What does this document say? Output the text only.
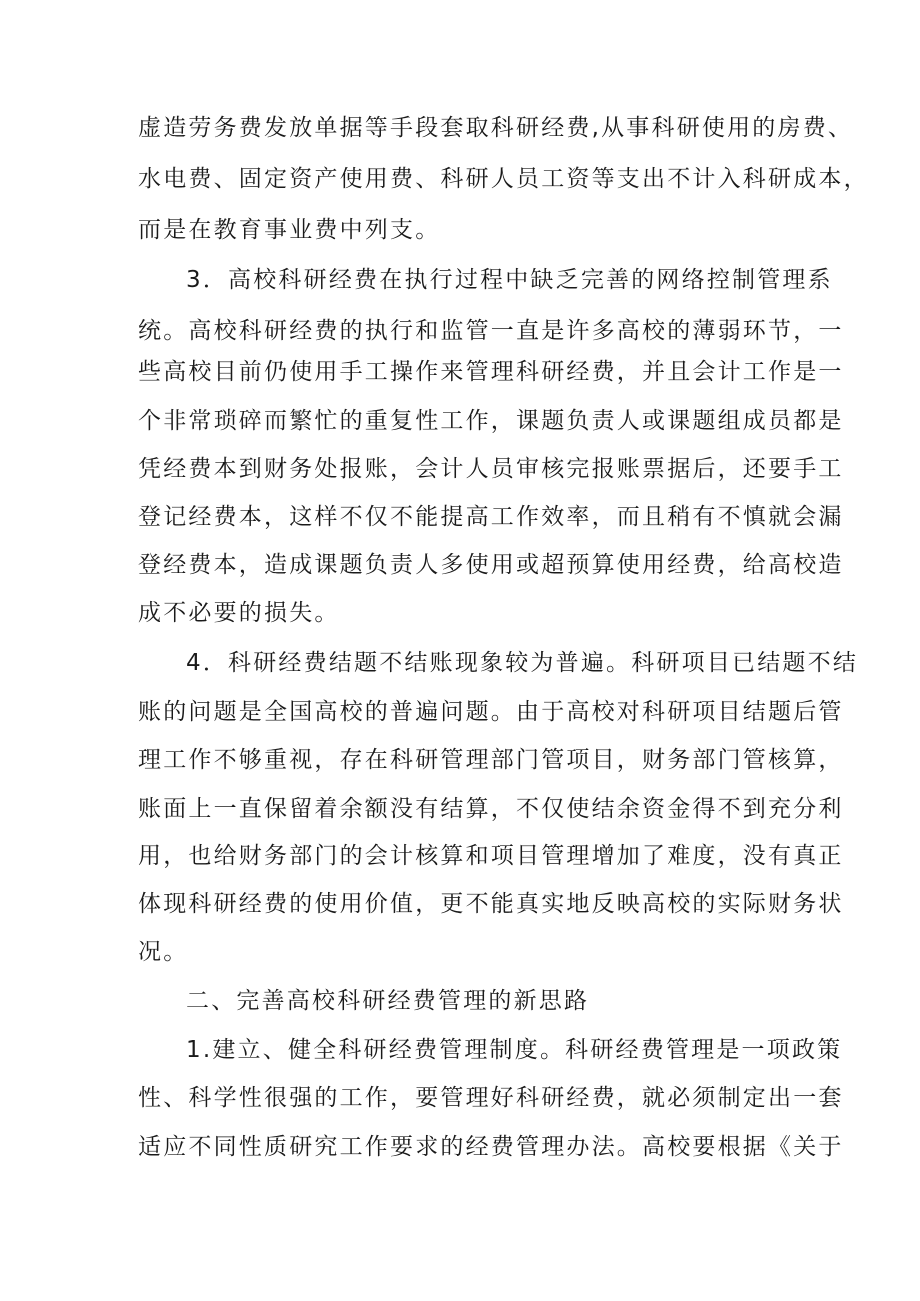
虚造劳务费发放单据等手段套取科研经费,从事科研使用的房费、
水电费、固定资产使用费、科研人员工资等支出不计入科研成本，
而是在教育事业费中列支。
3．高校科研经费在执行过程中缺乏完善的网络控制管理系
统。高校科研经费的执行和监管一直是许多高校的薄弱环节，一
些高校目前仍使用手工操作来管理科研经费，并且会计工作是一
个非常琐碎而繁忙的重复性工作，课题负责人或课题组成员都是
凭经费本到财务处报账，会计人员审核完报账票据后，还要手工
登记经费本，这样不仅不能提高工作效率，而且稍有不慎就会漏
登经费本，造成课题负责人多使用或超预算使用经费，给高校造
成不必要的损失。
4．科研经费结题不结账现象较为普遍。科研项目已结题不结
账的问题是全国高校的普遍问题。由于高校对科研项目结题后管
理工作不够重视，存在科研管理部门管项目，财务部门管核算，
账面上一直保留着余额没有结算，不仅使结余资金得不到充分利
用，也给财务部门的会计核算和项目管理增加了难度，没有真正
体现科研经费的使用价值，更不能真实地反映高校的实际财务状
况。
二、完善高校科研经费管理的新思路
1.建立、健全科研经费管理制度。科研经费管理是一项政策
性、科学性很强的工作，要管理好科研经费，就必须制定出一套
适应不同性质研究工作要求的经费管理办法。高校要根据《关于
